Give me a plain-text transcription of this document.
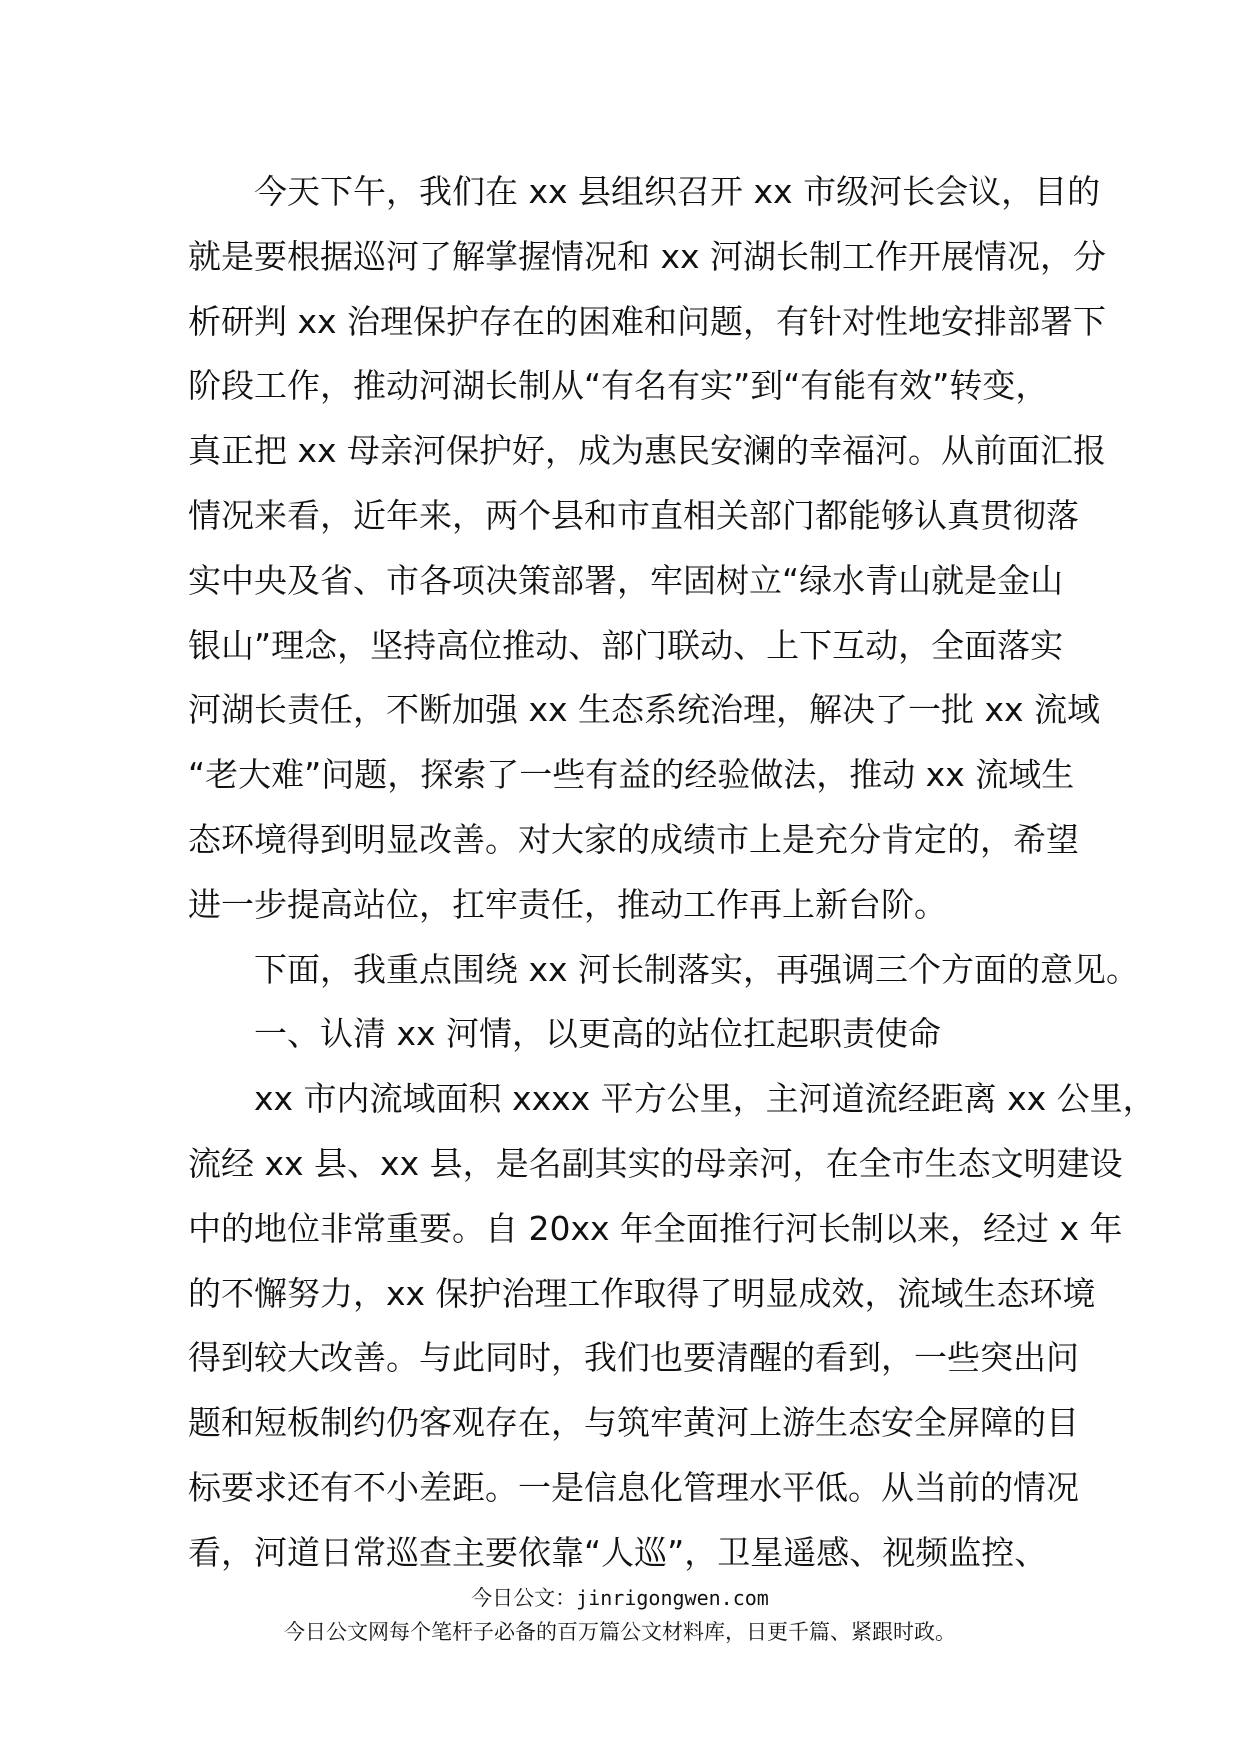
　　今天下午，我们在 xx 县组织召开 xx 市级河长会议，目的
就是要根据巡河了解掌握情况和 xx 河湖长制工作开展情况，分
析研判 xx 治理保护存在的困难和问题，有针对性地安排部署下
阶段工作，推动河湖长制从“有名有实”到“有能有效”转变，
真正把 xx 母亲河保护好，成为惠民安澜的幸福河。从前面汇报
情况来看，近年来，两个县和市直相关部门都能够认真贯彻落
实中央及省、市各项决策部署，牢固树立“绿水青山就是金山
银山”理念，坚持高位推动、部门联动、上下互动，全面落实
河湖长责任，不断加强 xx 生态系统治理，解决了一批 xx 流域
“老大难”问题，探索了一些有益的经验做法，推动 xx 流域生
态环境得到明显改善。对大家的成绩市上是充分肯定的，希望
进一步提高站位，扛牢责任，推动工作再上新台阶。
　　下面，我重点围绕 xx 河长制落实，再强调三个方面的意见。
　　一、认清 xx 河情，以更高的站位扛起职责使命
　　xx 市内流域面积 xxxx 平方公里，主河道流经距离 xx 公里，
流经 xx 县、xx 县，是名副其实的母亲河，在全市生态文明建设
中的地位非常重要。自 20xx 年全面推行河长制以来，经过 x 年
的不懈努力，xx 保护治理工作取得了明显成效，流域生态环境
得到较大改善。与此同时，我们也要清醒的看到，一些突出问
题和短板制约仍客观存在，与筑牢黄河上游生态安全屏障的目
标要求还有不小差距。一是信息化管理水平低。从当前的情况
看，河道日常巡查主要依靠“人巡”，卫星遥感、视频监控、
今日公文：jinrigongwen.com
今日公文网每个笔杆子必备的百万篇公文材料库，日更千篇、紧跟时政。
